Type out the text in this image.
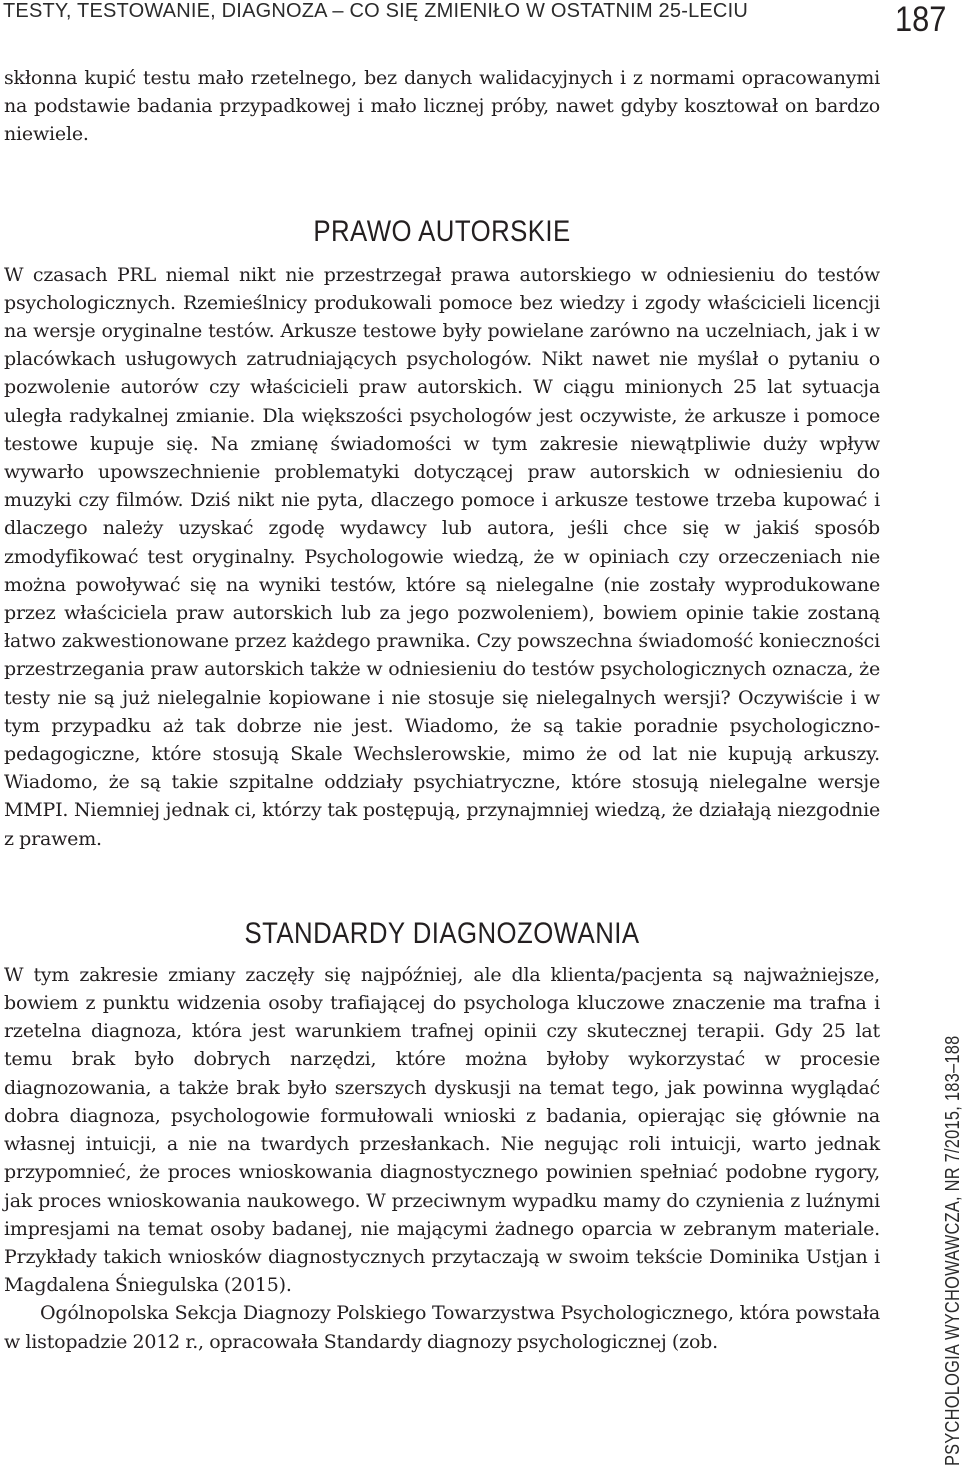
TESTY, TESTOWANIE, DIAGNOZA – CO SIĘ ZMIENIŁO W OSTATNIM 25-LECIU	187

skłonna kupić testu mało rzetelnego, bez danych walidacyjnych i z normami opracowanymi na podstawie badania przypadkowej i mało licznej próby, nawet gdyby kosztował on bardzo niewiele.

PRAWO AUTORSKIE

W czasach PRL niemal nikt nie przestrzegał prawa autorskiego w odniesieniu do testów psychologicznych. Rzemieślnicy produkowali pomoce bez wiedzy i zgody właścicieli licencji na wersje oryginalne testów. Arkusze testowe były powielane zarówno na uczelniach, jak i w placówkach usługowych zatrudniających psychologów. Nikt nawet nie myślał o pytaniu o pozwolenie autorów czy właścicieli praw autorskich. W ciągu minionych 25 lat sytuacja uległa radykalnej zmianie. Dla większości psychologów jest oczywiste, że arkusze i pomoce testowe kupuje się. Na zmianę świadomości w tym zakresie niewątpliwie duży wpływ wywarło upowszechnienie problematyki dotyczącej praw autorskich w odniesieniu do muzyki czy filmów. Dziś nikt nie pyta, dlaczego pomoce i arkusze testowe trzeba kupować i dlaczego należy uzyskać zgodę wydawcy lub autora, jeśli chce się w jakiś sposób zmodyfikować test oryginalny. Psychologowie wiedzą, że w opiniach czy orzeczeniach nie można powoływać się na wyniki testów, które są nielegalne (nie zostały wyprodukowane przez właściciela praw autorskich lub za jego pozwoleniem), bowiem opinie takie zostaną łatwo zakwestionowane przez każdego prawnika. Czy powszechna świadomość konieczności przestrzegania praw autorskich także w odniesieniu do testów psychologicznych oznacza, że testy nie są już nielegalnie kopiowane i nie stosuje się nielegalnych wersji? Oczywiście i w tym przypadku aż tak dobrze nie jest. Wiadomo, że są takie poradnie psychologiczno-pedagogiczne, które stosują Skale Wechslerowskie, mimo że od lat nie kupują arkuszy. Wiadomo, że są takie szpitalne oddziały psychiatryczne, które stosują nielegalne wersje MMPI. Niemniej jednak ci, którzy tak postępują, przynajmniej wiedzą, że działają niezgodnie z prawem.

STANDARDY DIAGNOZOWANIA

W tym zakresie zmiany zaczęły się najpóźniej, ale dla klienta/pacjenta są najważniejsze, bowiem z punktu widzenia osoby trafiającej do psychologa kluczowe znaczenie ma trafna i rzetelna diagnoza, która jest warunkiem trafnej opinii czy skutecznej terapii. Gdy 25 lat temu brak było dobrych narzędzi, które można byłoby wykorzystać w procesie diagnozowania, a także brak było szerszych dyskusji na temat tego, jak powinna wyglądać dobra diagnoza, psychologowie formułowali wnioski z badania, opierając się głównie na własnej intuicji, a nie na twardych przesłankach. Nie negując roli intuicji, warto jednak przypomnieć, że proces wnioskowania diagnostycznego powinien spełniać podobne rygory, jak proces wnioskowania naukowego. W przeciwnym wypadku mamy do czynienia z luźnymi impresjami na temat osoby badanej, nie mającymi żadnego oparcia w zebranym materiale. Przykłady takich wniosków diagnostycznych przytaczają w swoim tekście Dominika Ustjan i Magdalena Śniegulska (2015).

Ogólnopolska Sekcja Diagnozy Polskiego Towarzystwa Psychologicznego, która powstała w listopadzie 2012 r., opracowała Standardy diagnozy psychologicznej (zob.	PSYCHOLOGIA WYCHOWAWCZA, NR 7/2015, 183–188
